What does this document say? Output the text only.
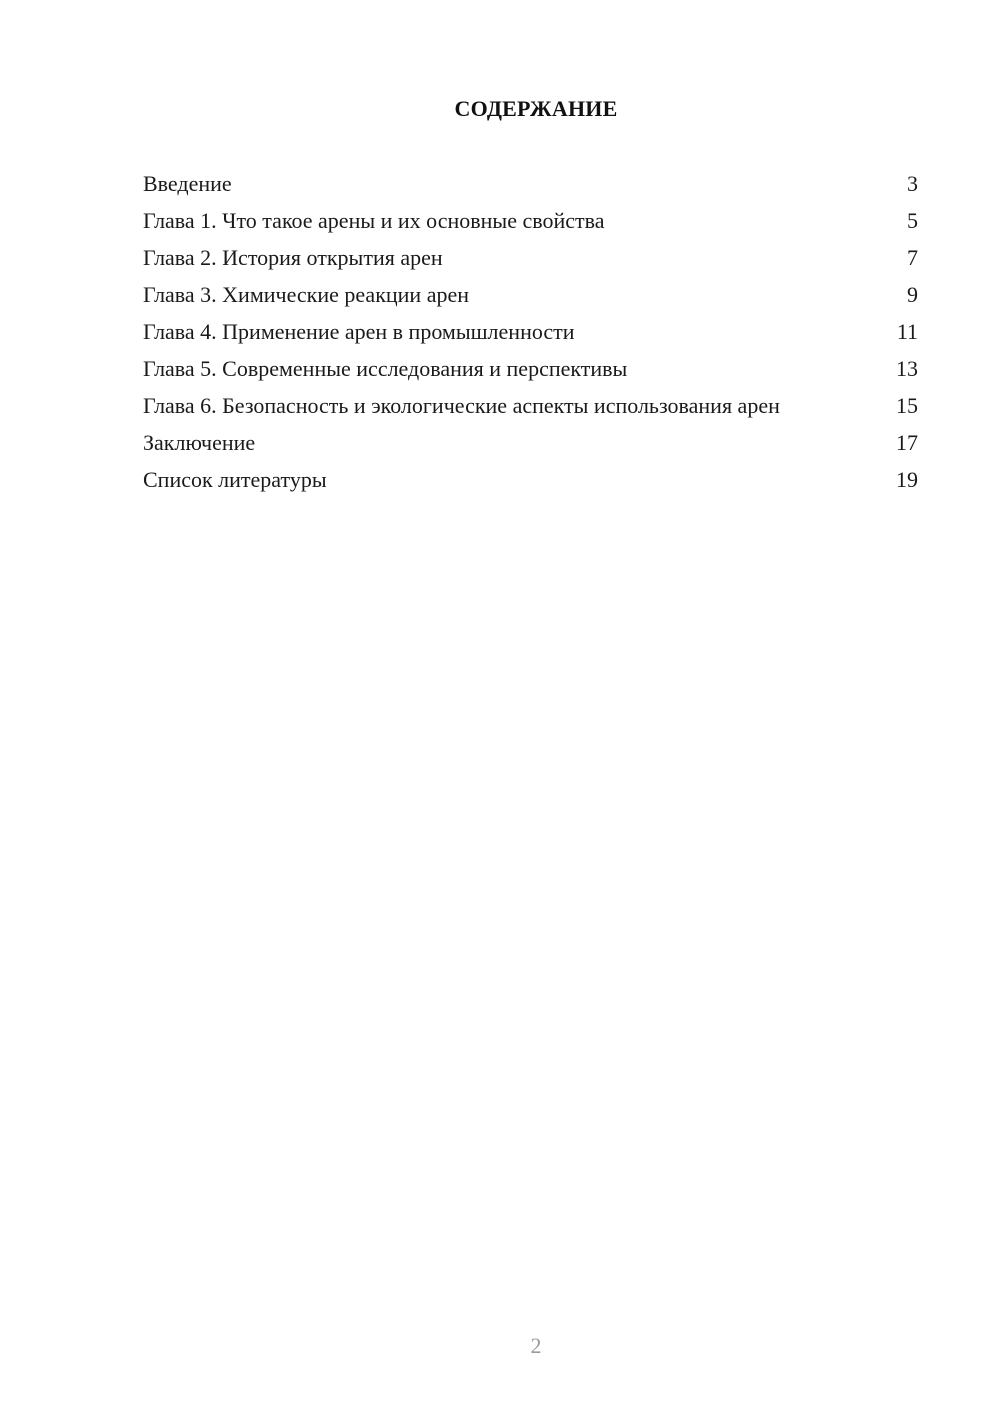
СОДЕРЖАНИЕ
Введение	3
Глава 1. Что такое арены и их основные свойства	5
Глава 2. История открытия арен	7
Глава 3. Химические реакции арен	9
Глава 4. Применение арен в промышленности	11
Глава 5. Современные исследования и перспективы	13
Глава 6. Безопасность и экологические аспекты использования арен	15
Заключение	17
Список литературы	19
2
